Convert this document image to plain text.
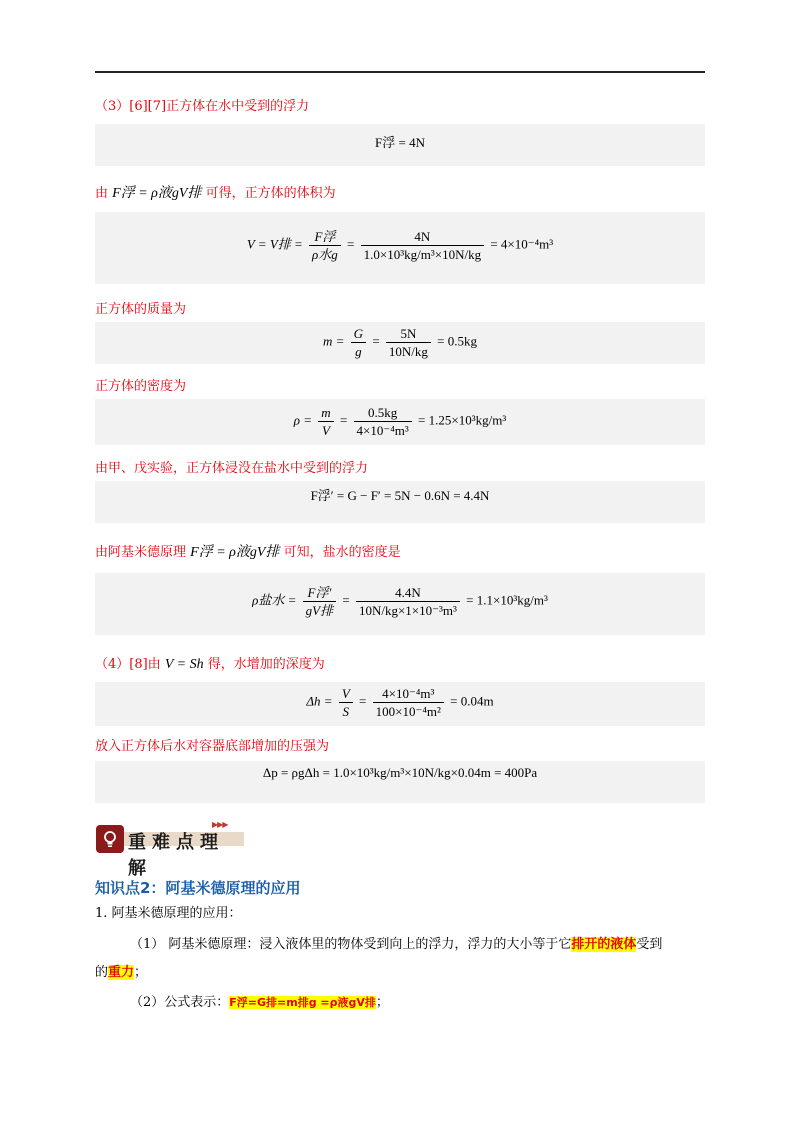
（3）[6][7]正方体在水中受到的浮力
F浮 = 4N
由 F浮 = ρ液gV排 可得，正方体的体积为
V = V排 = $\frac{\text{F浮}}{\text{ρ水g}} = \frac{4N}{\text{1.0×10³kg/m³×10N/kg}} = 4\times 10^{-4}m^3$
正方体的质量为
$m = \frac{G}{g} = \frac{5N}{10N/kg} = 0.5kg$
正方体的密度为
$\rho = \frac{m}{V} = \frac{0.5kg}{\text{4×10⁻⁴m³}} = 1.25\times 10^3kg/m^3$
由甲、戊实验，正方体浸没在盐水中受到的浮力
F浮′ = G − F′ = 5N − 0.6N = 4.4N
由阿基米德原理 F浮 = ρ液gV排 可知，盐水的密度是
ρ盐水 = $\frac{\text{F浮′}}{\text{gV排}} = \frac{4.4N}{\text{10N/kg×1×10⁻³m³}} = 1.1\times 10^3kg/m^3$
（4）[8]由 V = Sh 得，水增加的深度为
$\Delta h = \frac{V}{S} = \frac{\text{4×10⁻⁴m³}}{\text{100×10⁻⁴m²}} = 0.04m$
放入正方体后水对容器底部增加的压强为
Δp = ρgΔh = 1.0×10³kg/m³×10N/kg×0.04m = 400Pa
重难点理解
▶▶▶
知识点2：阿基米德原理的应用
1. 阿基米德原理的应用：
（1） 阿基米德原理：浸入液体里的物体受到向上的浮力，浮力的大小等于它排开的液体受到
的重力；
（2）公式表示：F浮=G排=m排g =ρ液gV排；
